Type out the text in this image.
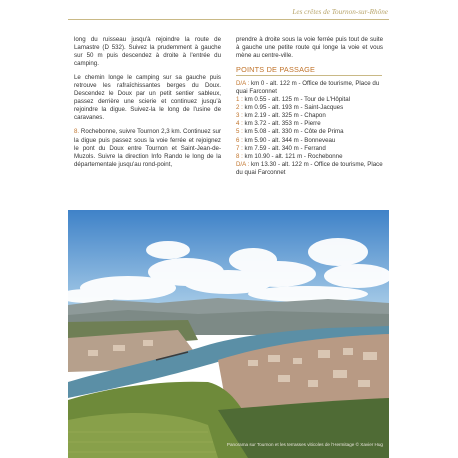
Les crêtes de Tournon-sur-Rhône

long du ruisseau jusqu'à rejoindre la route de Lamastre (D 532). Suivez la prudemment à gauche sur 50 m puis descendez à droite à l'entrée du camping.

Le chemin longe le camping sur sa gauche puis retrouve les rafraîchissantes berges du Doux. Descendez le Doux par un petit sentier sableux, passez derrière une scierie et continuez jusqu'à rejoindre la digue. Suivez-la le long de l'usine de caravanes.

8. Rochebonne, suivre Tournon 2,3 km. Continuez sur la digue puis passez sous la voie ferrée et rejoignez le pont du Doux entre Tournon et Saint-Jean-de-Muzols. Suivre la direction Info Rando le long de la départementale jusqu'au rond-point,

prendre à droite sous la voie ferrée puis tout de suite à gauche une petite route qui longe la voie et vous mène au centre-ville.

POINTS DE PASSAGE

D/A : km 0 - alt. 122 m - Office de tourisme, Place du quai Farconnet

1 : km 0.55 - alt. 125 m - Tour de L'Hôpital

2 : km 0.95 - alt. 193 m - Saint-Jacques

3 : km 2.19 - alt. 325 m - Chapon

4 : km 3.72 - alt. 353 m - Pierre

5 : km 5.08 - alt. 330 m - Côte de Prima

6 : km 5.90 - alt. 344 m - Bonneveau

7 : km 7.59 - alt. 340 m - Ferrand

8 : km 10.90 - alt. 121 m - Rochebonne

D/A : km 13.30 - alt. 122 m - Office de tourisme, Place du quai Farconnet

Panorama sur Tournon et les terrasses viticoles de l'Hermitage © Xavier Hug
